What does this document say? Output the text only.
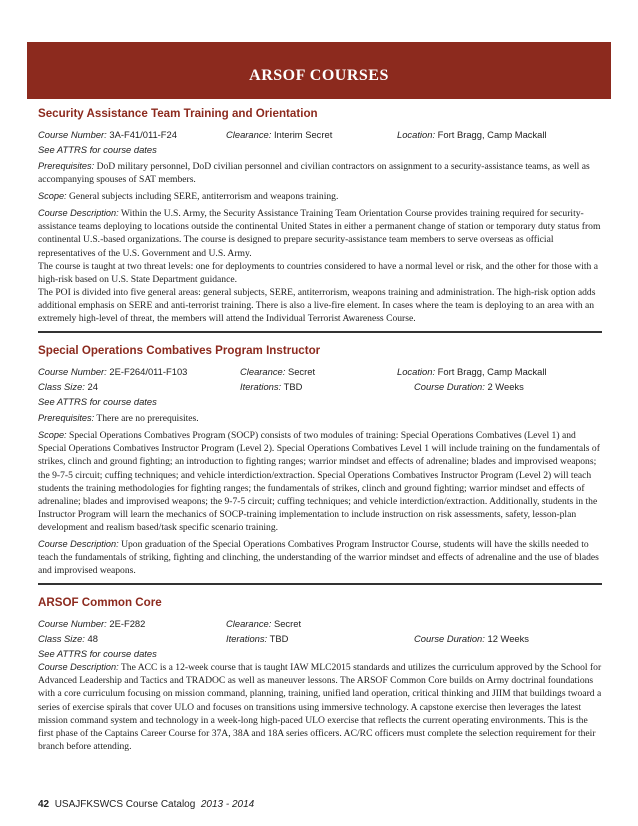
ARSOF COURSES
Security Assistance Team Training and Orientation
Course Number: 3A-F41/011-F24	Clearance: Interim Secret	Location: Fort Bragg, Camp Mackall
See ATTRS for course dates
Prerequisites: DoD military personnel, DoD civilian personnel and civilian contractors on assignment to a security-assistance teams, as well as accompanying spouses of SAT members.
Scope: General subjects including SERE, antiterrorism and weapons training.
Course Description: Within the U.S. Army, the Security Assistance Training Team Orientation Course provides training required for security-assistance teams deploying to locations outside the continental United States in either a permanent change of station or temporary duty status from continental U.S.-based organizations. The course is designed to prepare security-assistance team members to serve overseas as official representatives of the U.S. Government and U.S. Army.
The course is taught at two threat levels: one for deployments to countries considered to have a normal level or risk, and the other for those with a high-risk based on U.S. State Department guidance.
The POI is divided into five general areas: general subjects, SERE, antiterrorism, weapons training and administration. The high-risk option adds additional emphasis on SERE and anti-terrorist training. There is also a live-fire element. In cases where the team is deploying to an area with an extremely high-level of threat, the members will attend the Individual Terrorist Awareness Course.
Special Operations Combatives Program Instructor
Course Number: 2E-F264/011-F103	Clearance: Secret	Location: Fort Bragg, Camp Mackall
Class Size: 24	Iterations: TBD	Course Duration: 2 Weeks
See ATTRS for course dates
Prerequisites: There are no prerequisites.
Scope: Special Operations Combatives Program (SOCP) consists of two modules of training: Special Operations Combatives (Level 1) and Special Operations Combatives Instructor Program (Level 2). Special Operations Combatives Level 1 will include training on the fundamentals of strikes, clinch and ground fighting; an introduction to fighting ranges; warrior mindset and effects of adrenaline; blades and improvised weapons; the 9-7-5 circuit; cuffing techniques; and vehicle interdiction/extraction. Special Operations Combatives Instructor Program (Level 2) will teach students the training methodologies for fighting ranges; the fundamentals of strikes, clinch and ground fighting; warrior mindset and effects of adrenaline; blades and improvised weapons; the 9-7-5 circuit; cuffing techniques; and vehicle interdiction/extraction. Additionally, students in the Instructor Program will learn the mechanics of SOCP-training implementation to include instruction on risk assessments, safety, lesson-plan development and realism based/task specific scenario training.
Course Description: Upon graduation of the Special Operations Combatives Program Instructor Course, students will have the skills needed to teach the fundamentals of striking, fighting and clinching, the understanding of the warrior mindset and effects of adrenaline and the use of blades and improvised weapons.
ARSOF Common Core
Course Number: 2E-F282	Clearance: Secret
Class Size: 48	Iterations: TBD	Course Duration: 12 Weeks
See ATTRS for course dates
Course Description: The ACC is a 12-week course that is taught IAW MLC2015 standards and utilizes the curriculum approved by the School for Advanced Leadership and Tactics and TRADOC as well as maneuver lessons. The ARSOF Common Core builds on Army doctrinal foundations with a core curriculum focusing on mission command, planning, training, unified land operation, critical thinking and JIIM that buildings twoard a series of exercise spirals that cover ULO and focuses on transitions using immersive technology. A capstone exercise then leverages the latest mission command system and technology in a week-long high-paced ULO exercise that reflects the current operating environments. This is the first phase of the Captains Career Course for 37A, 38A and 18A series officers. AC/RC officers must complete the selection requirement for their branch before attending.
42 USAJFKSWCS Course Catalog 2013 - 2014
